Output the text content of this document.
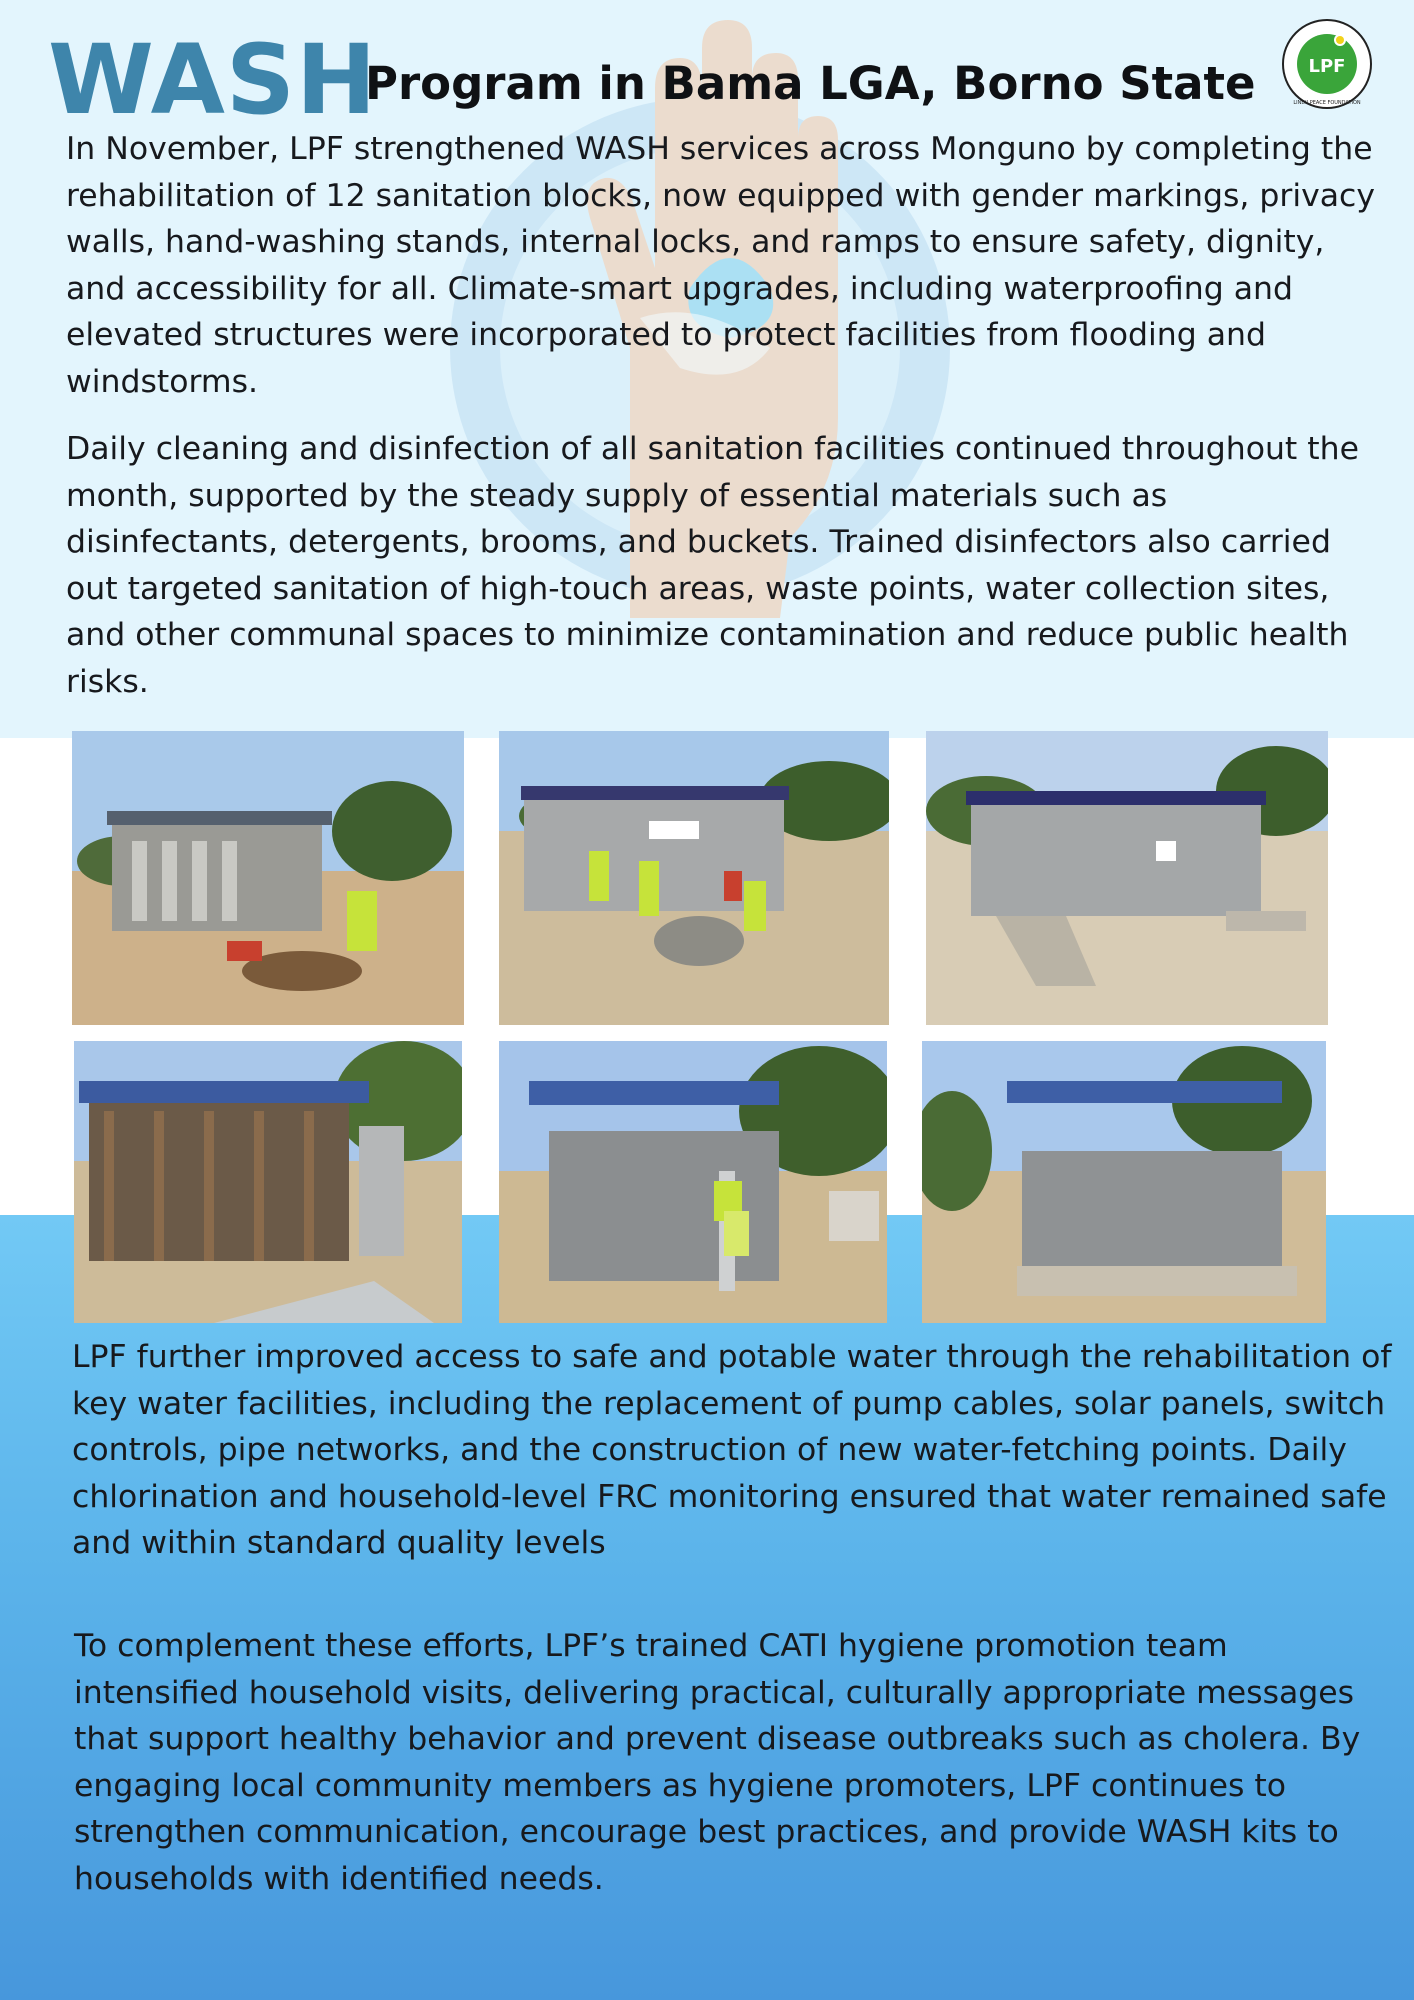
WASH
Program in Bama LGA, Borno State	LPF
LINDII PEACE FOUNDATION

In November, LPF strengthened WASH services across Monguno by completing the rehabilitation of 12 sanitation blocks, now equipped with gender markings, privacy walls, hand-washing stands, internal locks, and ramps to ensure safety, dignity, and accessibility for all. Climate-smart upgrades, including waterproofing and elevated structures were incorporated to protect facilities from flooding and windstorms.

Daily cleaning and disinfection of all sanitation facilities continued throughout the month, supported by the steady supply of essential materials such as disinfectants, detergents, brooms, and buckets. Trained disinfectors also carried out targeted sanitation of high-touch areas, waste points, water collection sites, and other communal spaces to minimize contamination and reduce public health risks.

LPF further improved access to safe and potable water through the rehabilitation of key water facilities, including the replacement of pump cables, solar panels, switch controls, pipe networks, and the construction of new water-fetching points. Daily chlorination and household-level FRC monitoring ensured that water remained safe and within standard quality levels

To complement these efforts, LPF’s trained CATI hygiene promotion team intensified household visits, delivering practical, culturally appropriate messages that support healthy behavior and prevent disease outbreaks such as cholera. By engaging local community members as hygiene promoters, LPF continues to strengthen communication, encourage best practices, and provide WASH kits to households with identified needs.
